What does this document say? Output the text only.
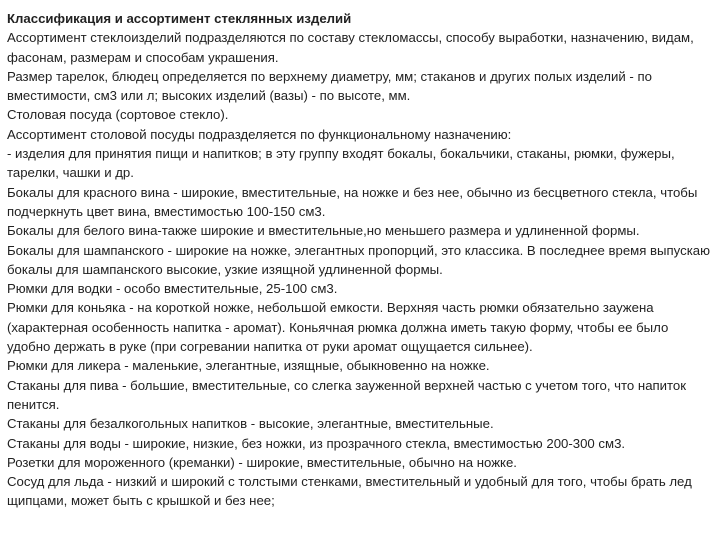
Классификация и ассортимент стеклянных изделий
Ассортимент стеклоизделий подразделяются по составу стекломассы, способу выработки, назначению, видам, фасонам, размерам и способам украшения.
Размер тарелок, блюдец определяется по верхнему диаметру, мм; стаканов и других полых изделий - по вместимости, см3 или л; высоких изделий (вазы) - по высоте, мм.
Столовая посуда (сортовое стекло).
Ассортимент столовой посуды подразделяется по функциональному назначению:
- изделия для принятия пищи и напитков; в эту группу входят бокалы, бокальчики, стаканы, рюмки, фужеры, тарелки, чашки и др.
Бокалы для красного вина - широкие, вместительные, на ножке и без нее, обычно из бесцветного стекла, чтобы подчеркнуть цвет вина, вместимостью 100-150 см3.
Бокалы для белого вина-также широкие и вместительные,но меньшего размера и удлиненной формы.
Бокалы для шампанского - широкие на ножке, элегантных пропорций, это классика. В последнее время выпускаю бокалы для шампанского высокие, узкие изящной удлиненной формы.
Рюмки для водки - особо вместительные, 25-100 см3.
Рюмки для коньяка - на короткой ножке, небольшой емкости. Верхняя часть рюмки обязательно заужена (характерная особенность напитка - аромат). Коньячная рюмка должна иметь такую форму, чтобы ее было удобно держать в руке (при согревании напитка от руки аромат ощущается сильнее).
Рюмки для ликера - маленькие, элегантные, изящные, обыкновенно на ножке.
Стаканы для пива - большие, вместительные, со слегка зауженной верхней частью с учетом того, что напиток пенится.
Стаканы для безалкогольных напитков - высокие, элегантные, вместительные.
Стаканы для воды - широкие, низкие, без ножки, из прозрачного стекла, вместимостью 200-300 см3.
Розетки для мороженного (креманки) - широкие, вместительные, обычно на ножке.
Сосуд для льда - низкий и широкий с толстыми стенками, вместительный и удобный для того, чтобы брать лед щипцами, может быть с крышкой и без нее;
